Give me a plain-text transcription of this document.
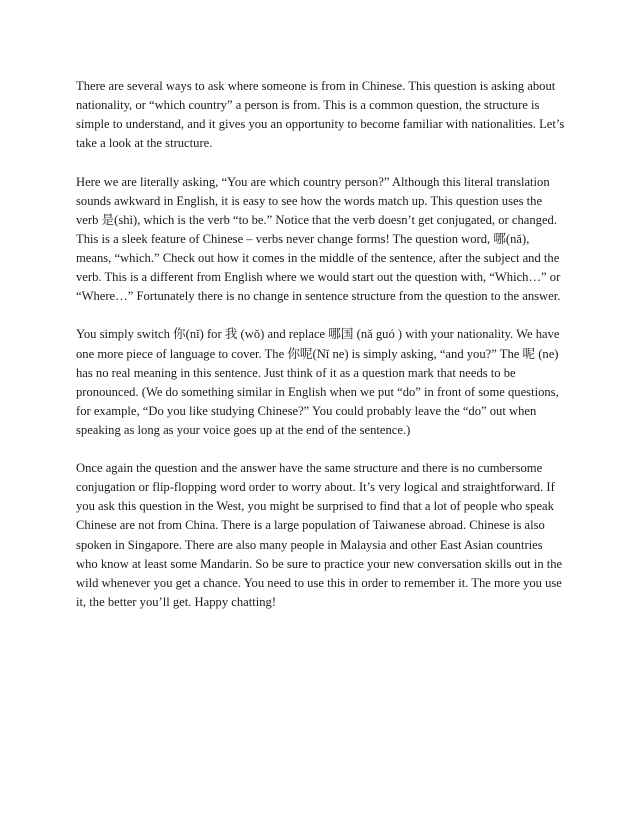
There are several ways to ask where someone is from in Chinese. This question is asking about nationality, or “which country” a person is from. This is a common question, the structure is simple to understand, and it gives you an opportunity to become familiar with nationalities. Let’s take a look at the structure.

Here we are literally asking, “You are which country person?” Although this literal translation sounds awkward in English, it is easy to see how the words match up. This question uses the verb 是(shì), which is the verb “to be.” Notice that the verb doesn’t get conjugated, or changed. This is a sleek feature of Chinese – verbs never change forms! The question word, 哪(nǎ), means, “which.” Check out how it comes in the middle of the sentence, after the subject and the verb. This is a different from English where we would start out the question with, “Which…” or “Where…” Fortunately there is no change in sentence structure from the question to the answer.

You simply switch 你(nǐ) for 我 (wǒ) and replace 哪国 (nǎ guó ) with your nationality. We have one more piece of language to cover. The 你呢(Nǐ ne) is simply asking, “and you?” The 呢 (ne) has no real meaning in this sentence. Just think of it as a question mark that needs to be pronounced. (We do something similar in English when we put “do” in front of some questions, for example, “Do you like studying Chinese?” You could probably leave the “do” out when speaking as long as your voice goes up at the end of the sentence.)

Once again the question and the answer have the same structure and there is no cumbersome conjugation or flip-flopping word order to worry about. It’s very logical and straightforward. If you ask this question in the West, you might be surprised to find that a lot of people who speak Chinese are not from China. There is a large population of Taiwanese abroad. Chinese is also spoken in Singapore. There are also many people in Malaysia and other East Asian countries who know at least some Mandarin. So be sure to practice your new conversation skills out in the wild whenever you get a chance. You need to use this in order to remember it. The more you use it, the better you’ll get. Happy chatting!
